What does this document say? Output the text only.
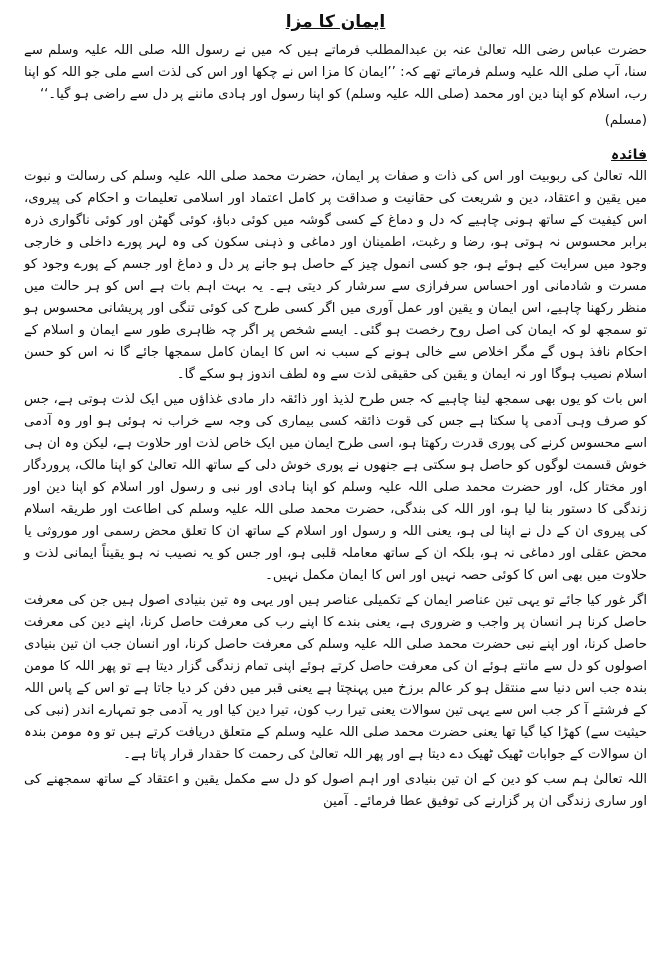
ایمان کا مزا

حضرت عباس رضی اللہ تعالیٰ عنہ بن عبدالمطلب فرماتے ہیں کہ میں نے رسول اللہ صلی اللہ علیہ وسلم سے سنا، آپ صلی اللہ علیہ وسلم فرماتے تھے کہ: ’’ایمان کا مزا اس نے چکھا اور اس کی لذت اسے ملی جو اللہ کو اپنا رب، اسلام کو اپنا دین اور محمد (صلی اللہ علیہ وسلم) کو اپنا رسول اور ہادی ماننے پر دل سے راضی ہو گیا۔‘‘

(مسلم)
فائدہ

اللہ تعالیٰ کی ربوبیت اور اس کی ذات و صفات پر ایمان، حضرت محمد صلی اللہ علیہ وسلم کی رسالت و نبوت میں یقین و اعتقاد، دین و شریعت کی حقانیت و صداقت پر کامل اعتماد اور اسلامی تعلیمات و احکام کی پیروی، اس کیفیت کے ساتھ ہونی چاہیے کہ دل و دماغ کے کسی گوشہ میں کوئی دباؤ، کوئی گھٹن اور کوئی ناگواری ذرہ برابر محسوس نہ ہوتی ہو، رضا و رغبت، اطمینان اور دماغی و ذہنی سکون کی وہ لہر پورے داخلی و خارجی وجود میں سرایت کیے ہوئے ہو، جو کسی انمول چیز کے حاصل ہو جانے پر دل و دماغ اور جسم کے پورے وجود کو مسرت و شادمانی اور احساس سرفرازی سے سرشار کر دیتی ہے۔ یہ بہت اہم بات ہے اس کو ہر حالت میں منظر رکھنا چاہیے، اس ایمان و یقین اور عمل آوری میں اگر کسی طرح کی کوئی تنگی اور پریشانی محسوس ہو تو سمجھ لو کہ ایمان کی اصل روح رخصت ہو گئی۔ ایسے شخص پر اگر چہ ظاہری طور سے ایمان و اسلام کے احکام نافذ ہوں گے مگر اخلاص سے خالی ہونے کے سبب نہ اس کا ایمان کامل سمجھا جائے گا نہ اس کو حسن اسلام نصیب ہوگا اور نہ ایمان و یقین کی حقیقی لذت سے وہ لطف اندوز ہو سکے گا۔

اس بات کو یوں بھی سمجھ لینا چاہیے کہ جس طرح لذیذ اور ذائقہ دار مادی غذاؤں میں ایک لذت ہوتی ہے، جس کو صرف وہی آدمی پا سکتا ہے جس کی قوت ذائقہ کسی بیماری کی وجہ سے خراب نہ ہوئی ہو اور وہ آدمی اسے محسوس کرنے کی پوری قدرت رکھتا ہو، اسی طرح ایمان میں ایک خاص لذت اور حلاوت ہے، لیکن وہ ان ہی خوش قسمت لوگوں کو حاصل ہو سکتی ہے جنھوں نے پوری خوش دلی کے ساتھ اللہ تعالیٰ کو اپنا مالک، پروردگار اور مختار کل، اور حضرت محمد صلی اللہ علیہ وسلم کو اپنا ہادی اور نبی و رسول اور اسلام کو اپنا دین اور زندگی کا دستور بنا لیا ہو، اور اللہ کی بندگی، حضرت محمد صلی اللہ علیہ وسلم کی اطاعت اور طریقہ اسلام کی پیروی ان کے دل نے اپنا لی ہو، یعنی اللہ و رسول اور اسلام کے ساتھ ان کا تعلق محض رسمی اور موروثی یا محض عقلی اور دماغی نہ ہو، بلکہ ان کے ساتھ معاملہ قلبی ہو، اور جس کو یہ نصیب نہ ہو یقیناً ایمانی لذت و حلاوت میں بھی اس کا کوئی حصہ نہیں اور اس کا ایمان مکمل نہیں۔

اگر غور کیا جائے تو یہی تین عناصر ایمان کے تکمیلی عناصر ہیں اور یہی وہ تین بنیادی اصول ہیں جن کی معرفت حاصل کرنا ہر انسان پر واجب و ضروری ہے، یعنی بندے کا اپنے رب کی معرفت حاصل کرنا، اپنے دین کی معرفت حاصل کرنا، اور اپنے نبی حضرت محمد صلی اللہ علیہ وسلم کی معرفت حاصل کرنا، اور انسان جب ان تین بنیادی اصولوں کو دل سے مانتے ہوئے ان کی معرفت حاصل کرتے ہوئے اپنی تمام زندگی گزار دیتا ہے تو پھر اللہ کا مومن بندہ جب اس دنیا سے منتقل ہو کر عالم برزخ میں پہنچتا ہے یعنی قبر میں دفن کر دیا جاتا ہے تو اس کے پاس اللہ کے فرشتے آ کر جب اس سے یہی تین سوالات یعنی تیرا رب کون، تیرا دین کیا اور یہ آدمی جو تمہارے اندر (نبی کی حیثیت سے) کھڑا کیا گیا تھا یعنی حضرت محمد صلی اللہ علیہ وسلم کے متعلق دریافت کرتے ہیں تو وہ مومن بندہ ان سوالات کے جوابات ٹھیک ٹھیک دے دیتا ہے اور پھر اللہ تعالیٰ کی رحمت کا حقدار قرار پاتا ہے۔

اللہ تعالیٰ ہم سب کو دین کے ان تین بنیادی اور اہم اصول کو دل سے مکمل یقین و اعتقاد کے ساتھ سمجھنے کی اور ساری زندگی ان پر گزارنے کی توفیق عطا فرمائے۔ آمین
